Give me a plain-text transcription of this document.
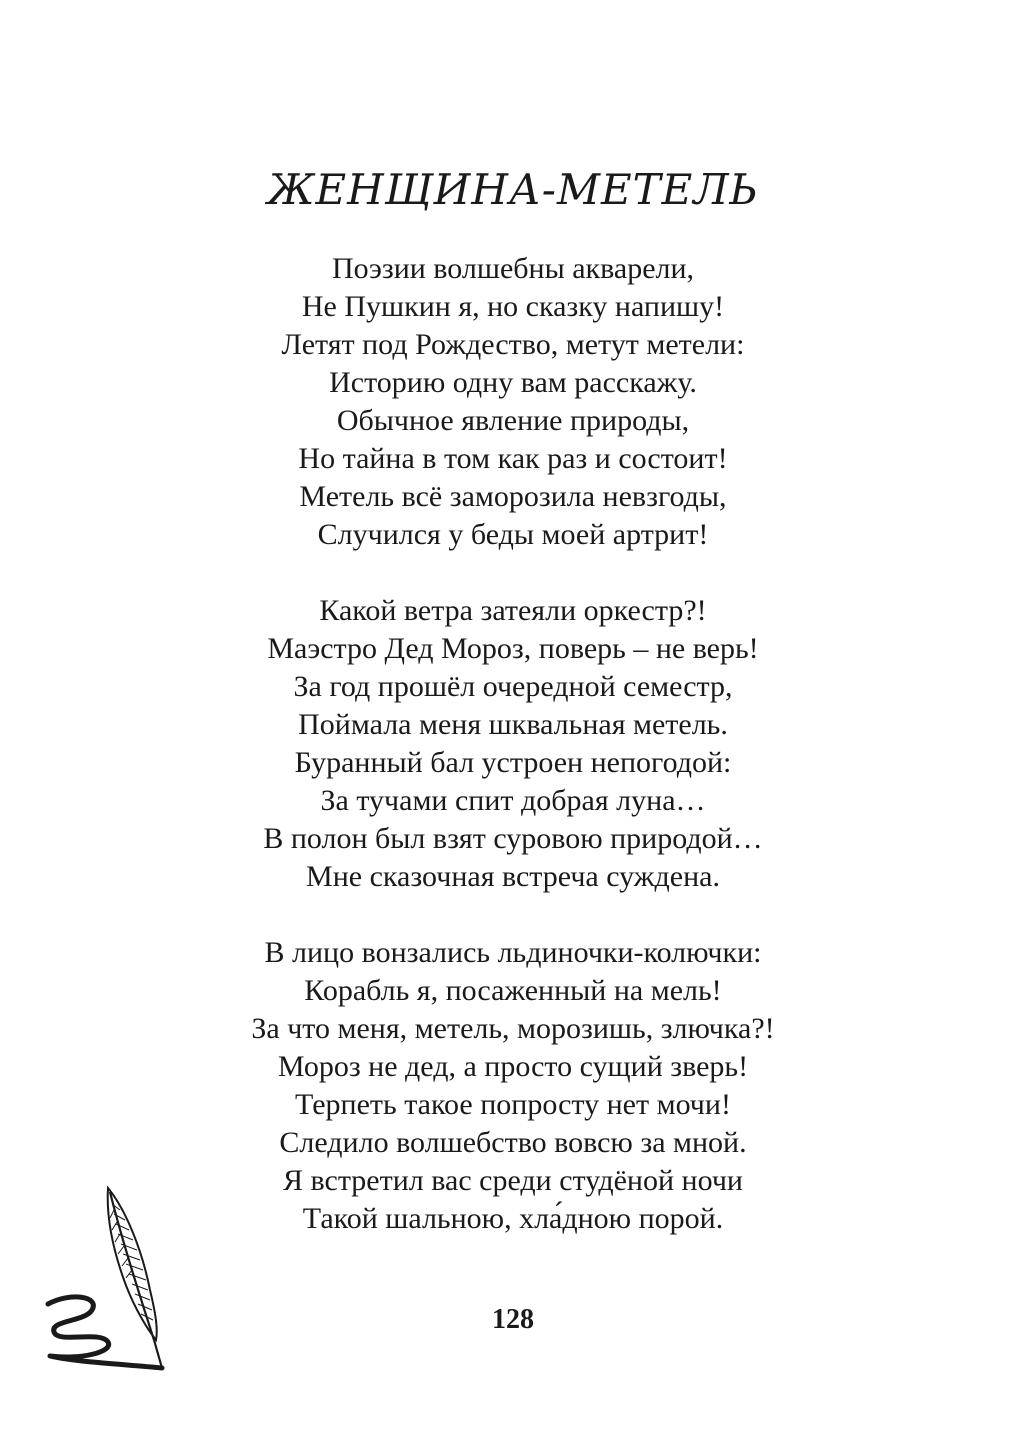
ЖЕНЩИНА-МЕТЕЛЬ
Поэзии волшебны акварели,
Не Пушкин я, но сказку напишу!
Летят под Рождество, метут метели:
Историю одну вам расскажу.
Обычное явление природы,
Но тайна в том как раз и состоит!
Метель всё заморозила невзгоды,
Случился у беды моей артрит!
Какой ветра затеяли оркестр?!
Маэстро Дед Мороз, поверь – не верь!
За год прошёл очередной семестр,
Поймала меня шквальная метель.
Буранный бал устроен непогодой:
За тучами спит добрая луна…
В полон был взят суровою природой…
Мне сказочная встреча суждена.
В лицо вонзались льдиночки-колючки:
Корабль я, посаженный на мель!
За что меня, метель, морозишь, злючка?!
Мороз не дед, а просто сущий зверь!
Терпеть такое попросту нет мочи!
Следило волшебство вовсю за мной.
Я встретил вас среди студёной ночи
Такой шальною, хла́дною порой.
128
